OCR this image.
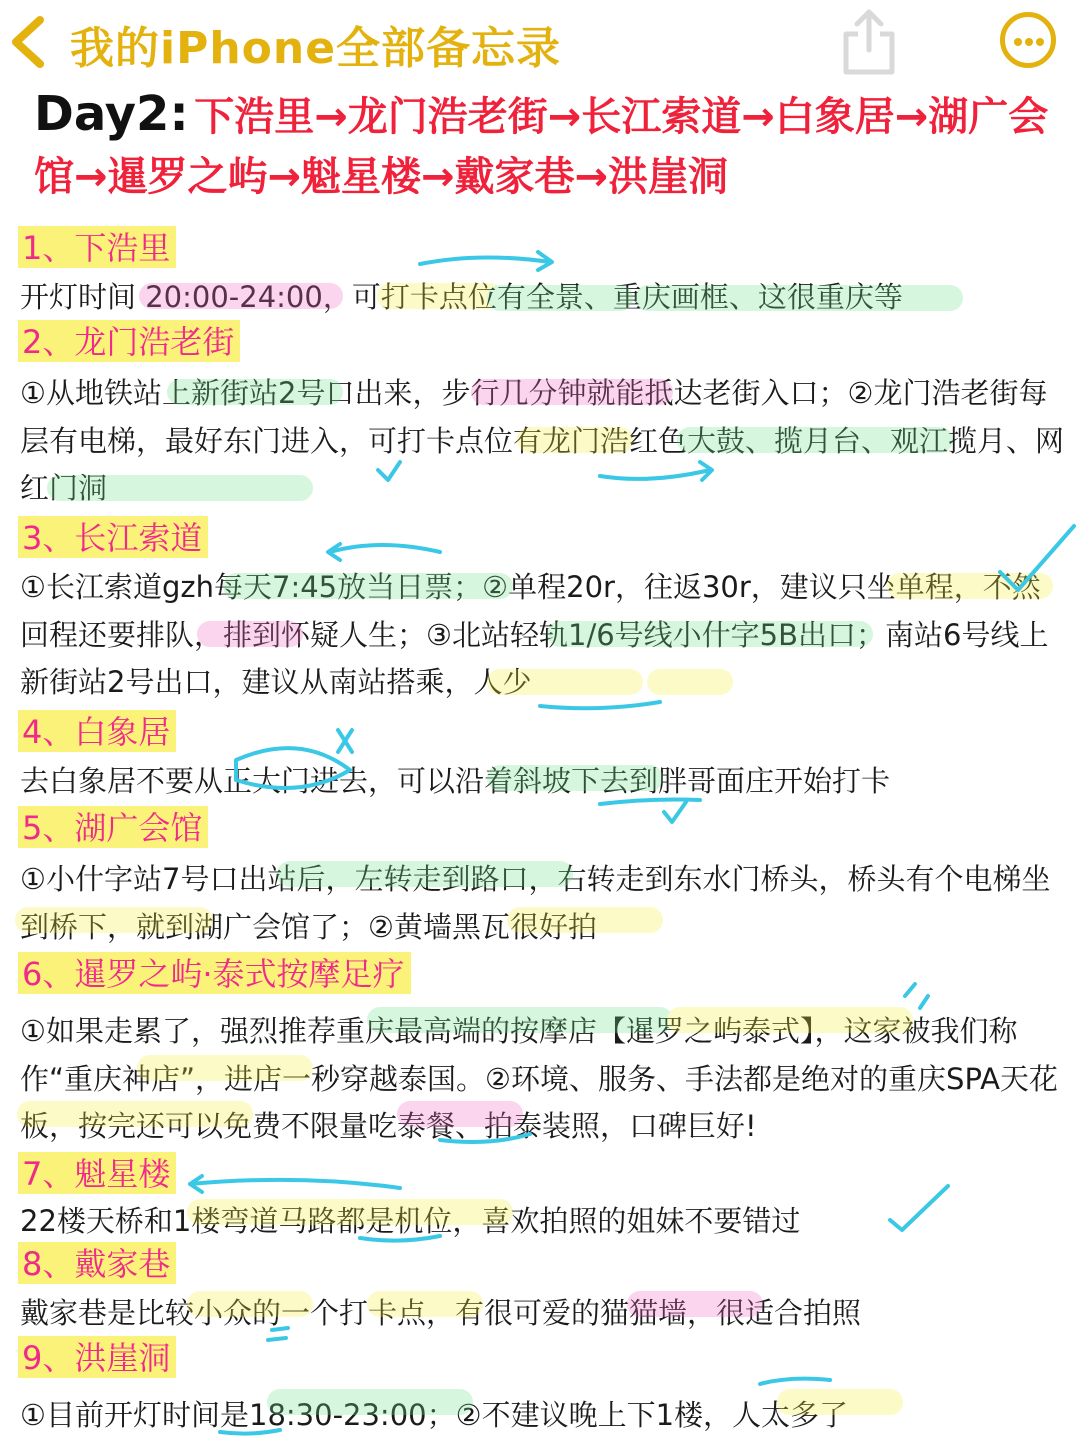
我的iPhone全部备忘录
Day2: 下浩里→龙门浩老街→长江索道→白象居→湖广会馆→暹罗之屿→魁星楼→戴家巷→洪崖洞
1、下浩里
开灯时间 20:00-24:00，可打卡点位有全景、重庆画框、这很重庆等
2、龙门浩老街
①从地铁站上新街站2号口出来，步行几分钟就能抵达老街入口；②龙门浩老街每层有电梯，最好东门进入，可打卡点位有龙门浩红色大鼓、揽月台、观江揽月、网红门洞
3、长江索道
①长江索道gzh每天7:45放当日票；②单程20r，往返30r，建议只坐单程，不然回程还要排队，排到怀疑人生；③北站轻轨1/6号线小什字5B出口；南站6号线上新街站2号出口，建议从南站搭乘，人少
4、白象居
去白象居不要从正大门进去，可以沿着斜坡下去到胖哥面庄开始打卡
5、湖广会馆
①小什字站7号口出站后，左转走到路口，右转走到东水门桥头，桥头有个电梯坐到桥下，就到湖广会馆了；②黄墙黑瓦很好拍
6、暹罗之屿·泰式按摩足疗
①如果走累了，强烈推荐重庆最高端的按摩店【暹罗之屿泰式】，这家被我们称作“重庆神店”，进店一秒穿越泰国。②环境、服务、手法都是绝对的重庆SPA天花板，按完还可以免费不限量吃泰餐、拍泰装照，口碑巨好!
7、魁星楼
22楼天桥和1楼弯道马路都是机位，喜欢拍照的姐妹不要错过
8、戴家巷
戴家巷是比较小众的一个打卡点，有很可爱的猫猫墙，很适合拍照
9、洪崖洞
①目前开灯时间是18:30-23:00；②不建议晚上下1楼，人太多了
